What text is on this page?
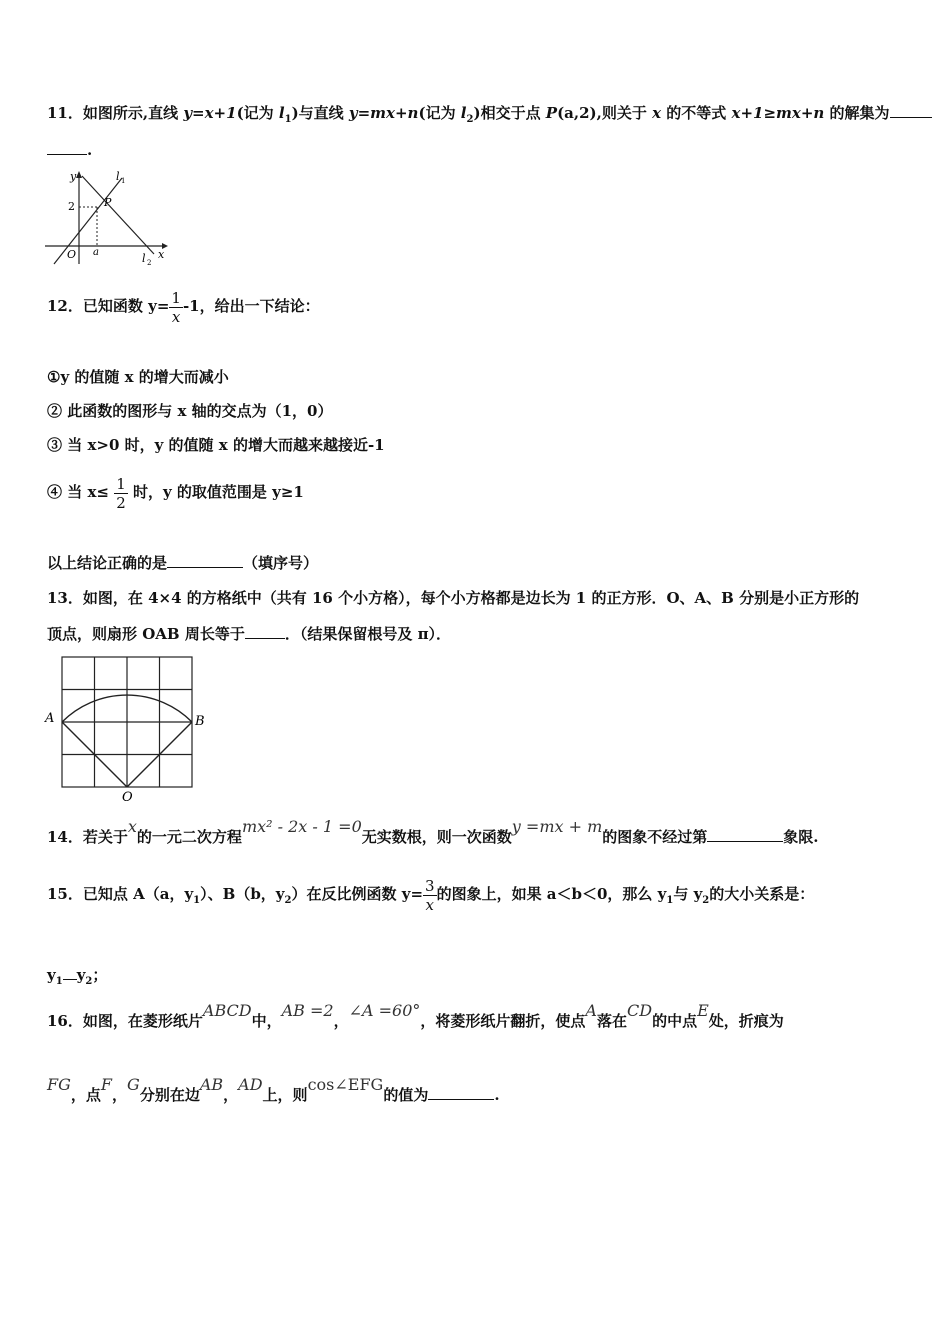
11．如图所示,直线 y=x+1(记为 $l_1$)与直线 y=mx+n(记为 $l_2$)相交于点 P(a,2),则关于 x 的不等式 x+1≥mx+n 的解集为
.
y
x
O a
2	P
l 1
l 2
12．已知函数 $y= \frac{1}{x} -1$，给出一下结论：
①y 的值随 x 的增大而减小
② 此函数的图形与 x 轴的交点为（1，0）
③ 当 x>0 时，y 的值随 x 的增大而越来越接近-1
④ 当 $x\le \frac{1}{2}$ 时，y 的取值范围是 y≥1
以上结论正确的是	（填序号）
13．如图，在 4×4 的方格纸中（共有 16 个小方格），每个小方格都是边长为 1 的正方形．O、A、B 分别是小正方形的
顶点，则扇形 OAB 周长等于	．（结果保留根号及 π）．
A	B
O
14．若关于x的一元二次方程mx² - 2x - 1 =0无实数根，则一次函数y =mx + m的图象不经过第	象限.
15．已知点 A（a，$y_1$）、B（b，$y_2$）在反比例函数 $y= \frac{3}{x}$ 的图象上，如果 a＜b＜0，那么 $y_1$与 $y_2$的大小关系是：
$y_1$ $y_2$；
16．如图，在菱形纸片ABCD中，AB =2，∠A =60°，将菱形纸片翻折，使点A落在CD的中点E处，折痕为
FG，点F，G分别在边AB，AD上，则cos∠EFG的值为	.
